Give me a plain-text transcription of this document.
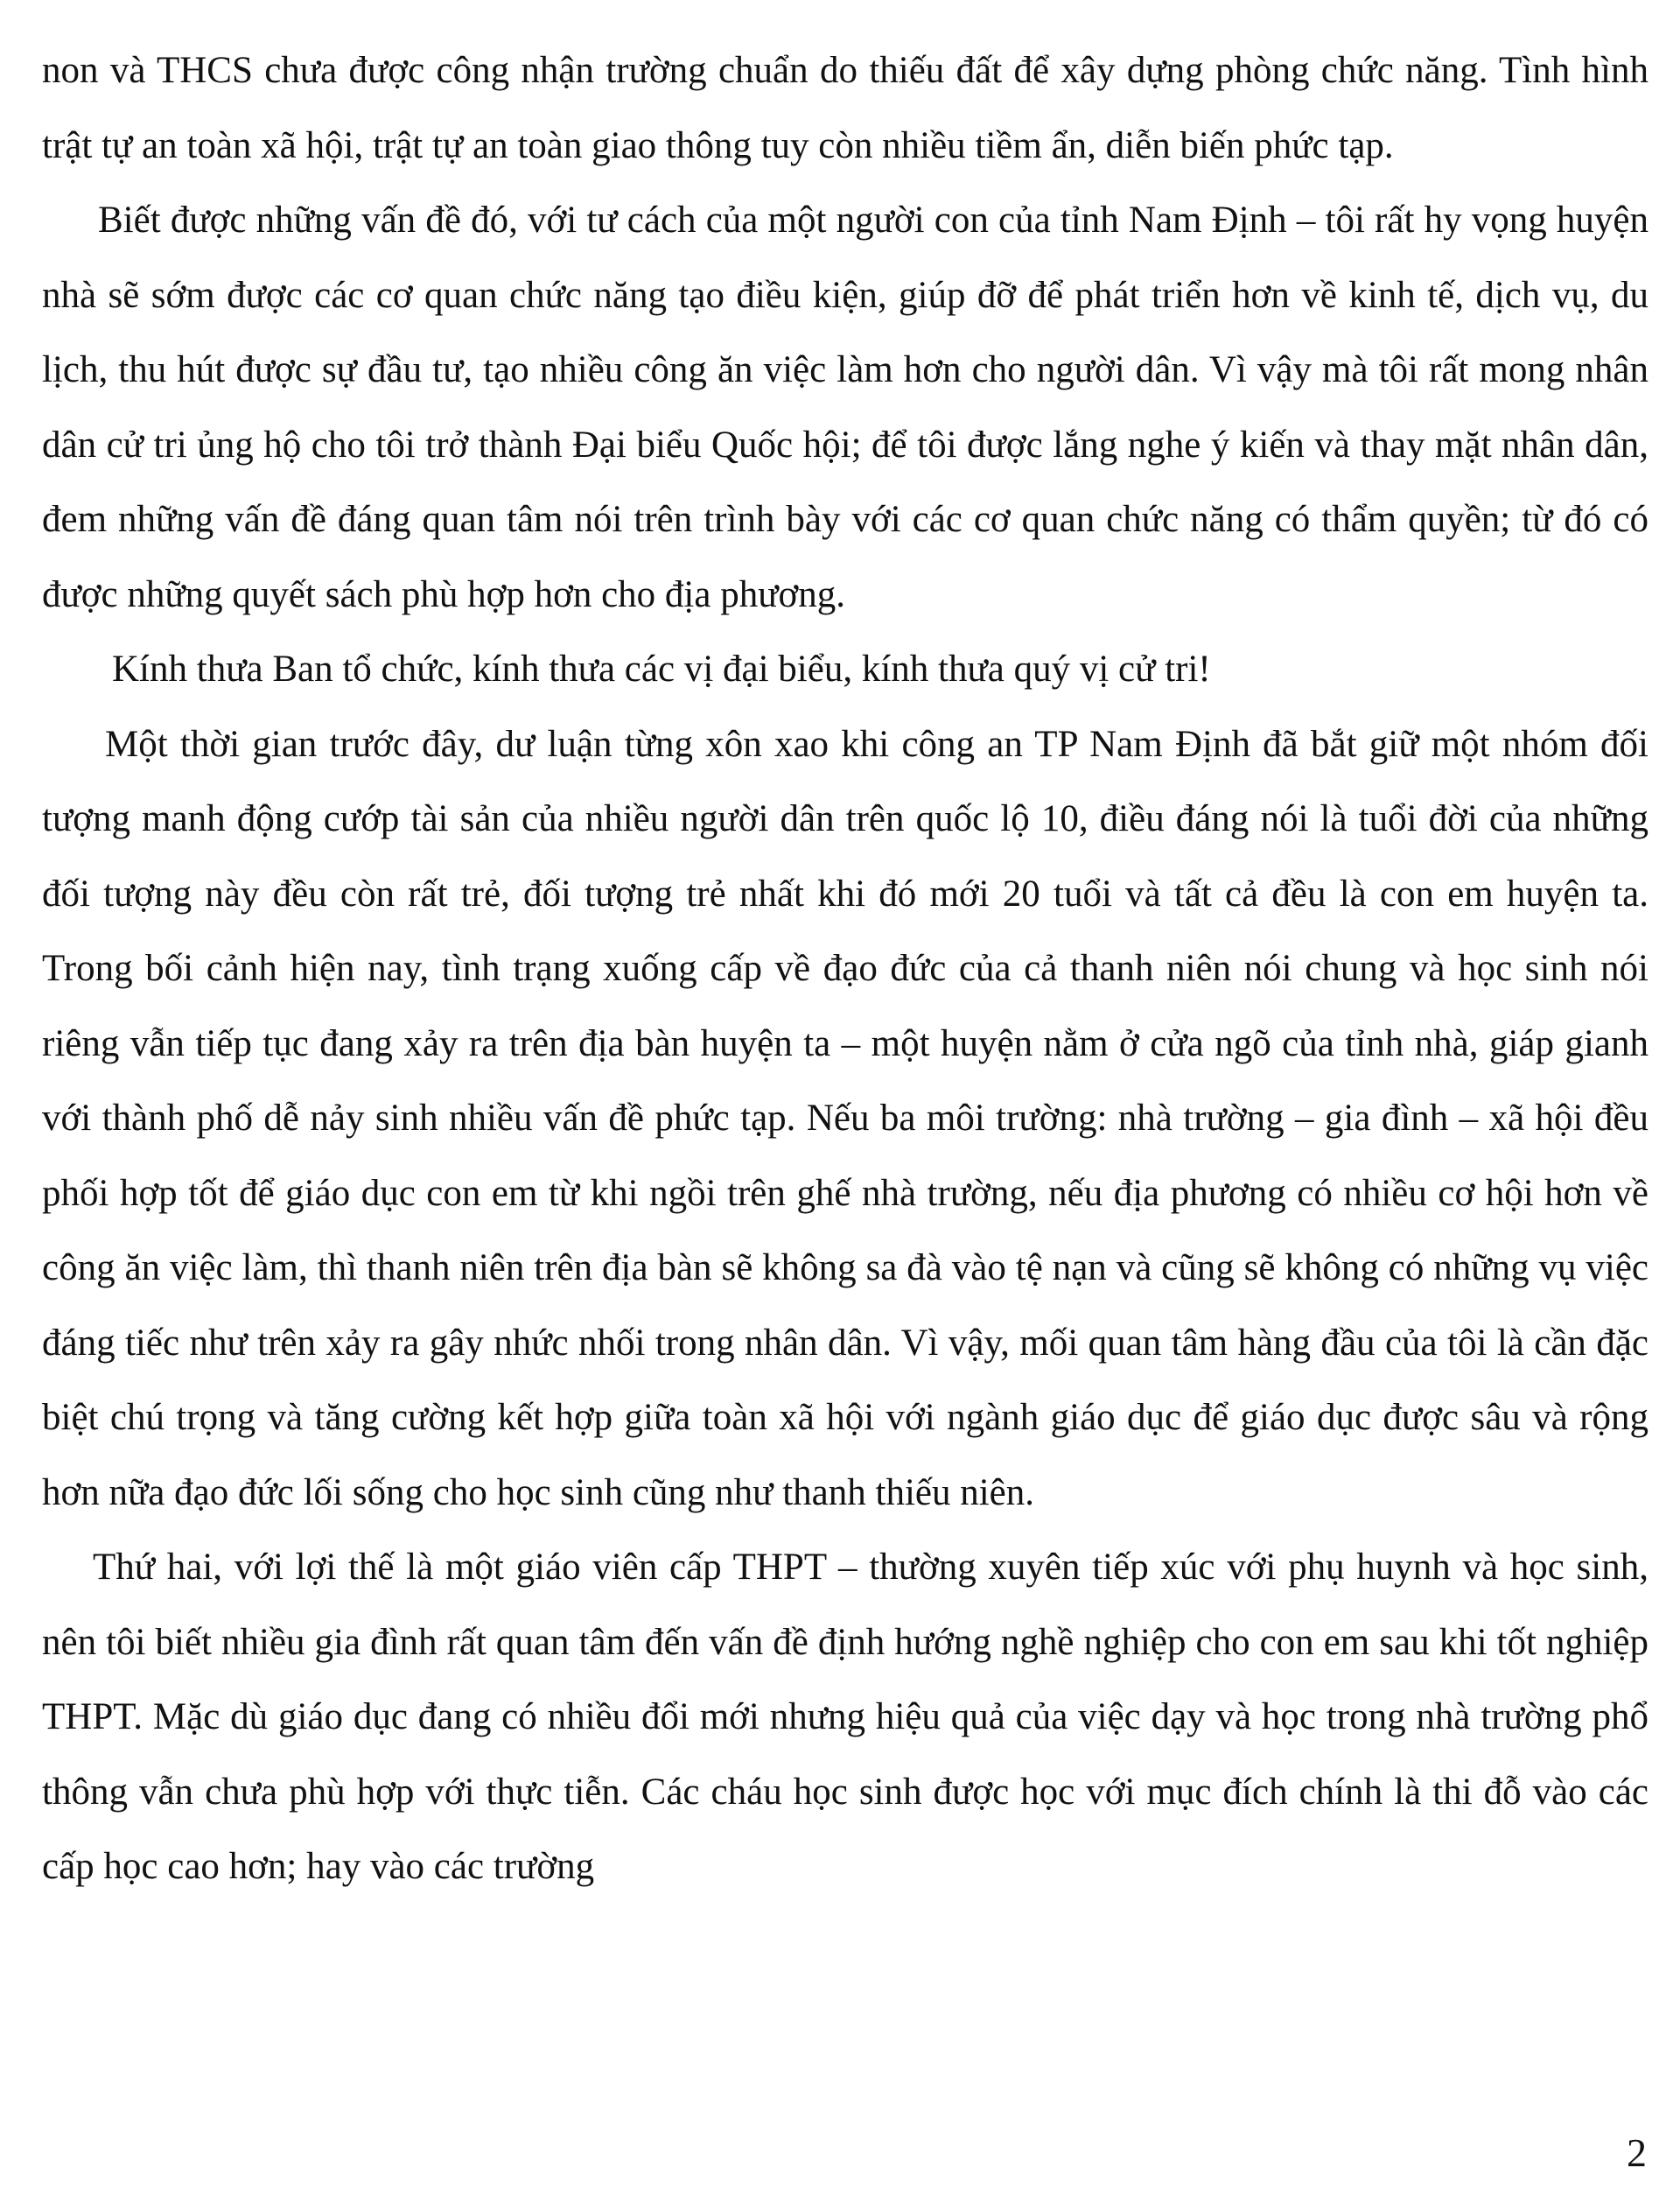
non và THCS chưa được công nhận trường chuẩn do thiếu đất để xây dựng phòng chức năng. Tình hình trật tự an toàn xã hội, trật tự an toàn giao thông tuy còn nhiều tiềm ẩn, diễn biến phức tạp.

Biết được những vấn đề đó, với tư cách của một người con của tỉnh Nam Định – tôi rất hy vọng huyện nhà sẽ sớm được các cơ quan chức năng tạo điều kiện, giúp đỡ để phát triển hơn về kinh tế, dịch vụ, du lịch, thu hút được sự đầu tư, tạo nhiều công ăn việc làm hơn cho người dân. Vì vậy mà tôi rất mong nhân dân cử tri ủng hộ cho tôi trở thành Đại biểu Quốc hội; để tôi được lắng nghe ý kiến và thay mặt nhân dân, đem những vấn đề đáng quan tâm nói trên trình bày với các cơ quan chức năng có thẩm quyền; từ đó có được những quyết sách phù hợp hơn cho địa phương.

Kính thưa Ban tổ chức, kính thưa các vị đại biểu, kính thưa quý vị cử tri!

Một thời gian trước đây, dư luận từng xôn xao khi công an TP Nam Định đã bắt giữ một nhóm đối tượng manh động cướp tài sản của nhiều người dân trên quốc lộ 10, điều đáng nói là tuổi đời của những đối tượng này đều còn rất trẻ, đối tượng trẻ nhất khi đó mới 20 tuổi và tất cả đều là con em huyện ta. Trong bối cảnh hiện nay, tình trạng xuống cấp về đạo đức của cả thanh niên nói chung và học sinh nói riêng vẫn tiếp tục đang xảy ra trên địa bàn huyện ta – một huyện nằm ở cửa ngõ của tỉnh nhà, giáp gianh với thành phố dễ nảy sinh nhiều vấn đề phức tạp. Nếu ba môi trường: nhà trường – gia đình – xã hội đều phối hợp tốt để giáo dục con em từ khi ngồi trên ghế nhà trường, nếu địa phương có nhiều cơ hội hơn về công ăn việc làm, thì thanh niên trên địa bàn sẽ không sa đà vào tệ nạn và cũng sẽ không có những vụ việc đáng tiếc như trên xảy ra gây nhức nhối trong nhân dân. Vì vậy, mối quan tâm hàng đầu của tôi là cần đặc biệt chú trọng và tăng cường kết hợp giữa toàn xã hội với ngành giáo dục để giáo dục được sâu và rộng hơn nữa đạo đức lối sống cho học sinh cũng như thanh thiếu niên.

Thứ hai, với lợi thế là một giáo viên cấp THPT – thường xuyên tiếp xúc với phụ huynh và học sinh, nên tôi biết nhiều gia đình rất quan tâm đến vấn đề định hướng nghề nghiệp cho con em sau khi tốt nghiệp THPT. Mặc dù giáo dục đang có nhiều đổi mới nhưng hiệu quả của việc dạy và học trong nhà trường phổ thông vẫn chưa phù hợp với thực tiễn. Các cháu học sinh được học với mục đích chính là thi đỗ vào các cấp học cao hơn; hay vào các trường

2
